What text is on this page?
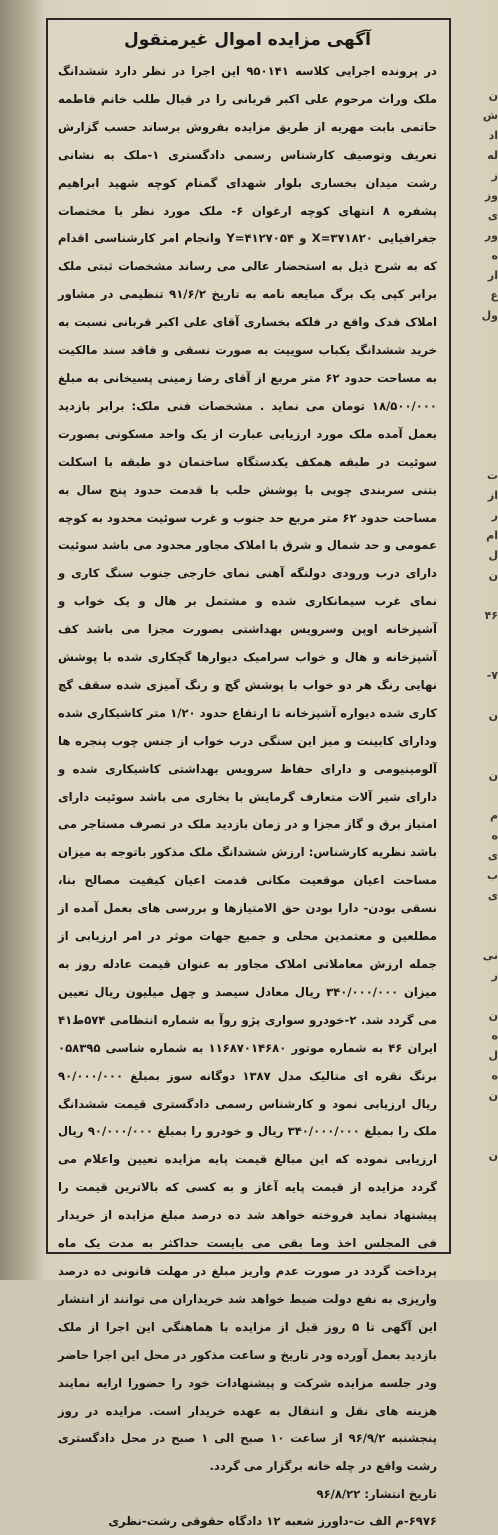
آگهی مزایده اموال غیرمنقول

در پرونده اجرایی کلاسه ۹۵۰۱۴۱ این اجرا در نظر دارد ششدانگ ملک وراث مرحوم علی اکبر قربانی را در قبال طلب خانم فاطمه حاتمی بابت مهریه از طریق مزایده بفروش برساند حسب گزارش تعریف وتوصیف کارشناس رسمی دادگستری ۱-ملک به نشانی رشت میدان بخساری بلوار شهدای گمنام کوچه شهید ابراهیم پشفره ۸ انتهای کوچه ارغوان ۶- ملک مورد نظر با مختصات جغرافیایی ۳۷۱۸۲۰=X و ۴۱۲۷۰۵۴=Y وانجام امر کارشناسی اقدام که به شرح ذیل به استحضار عالی می رساند مشخصات ثبتی ملک برابر کپی یک برگ مبایعه نامه به تاریخ ۹۱/۶/۲ تنظیمی در مشاور املاک فدک واقع در فلکه بخساری آقای علی اکبر قربانی نسبت به خرید ششدانگ یکباب سوییت به صورت نسقی و فاقد سند مالکیت به مساحت حدود ۶۲ متر مربع از آقای رضا زمینی پسیخانی به مبلغ ۱۸/۵۰۰/۰۰۰ تومان می نماید . مشخصات فنی ملک: برابر بازدید بعمل آمده ملک مورد ارزیابی عبارت از یک واحد مسکونی بصورت سوئیت در طبقه همکف یکدستگاه ساختمان دو طبقه با اسکلت بتنی سربندی چوبی با پوشش حلب با قدمت حدود پنج سال به مساحت حدود ۶۲ متر مربع حد جنوب و غرب سوئیت محدود به کوچه عمومی و حد شمال و شرق با املاک مجاور محدود می باشد سوئیت دارای درب ورودی دولنگه آهنی نمای خارجی جنوب سنگ کاری و نمای غرب سیمانکاری شده و مشتمل بر هال و یک خواب و آشپزخانه اوپن وسرویس بهداشتی بصورت مجزا می باشد کف آشپزخانه و هال و خواب سرامیک دیوارها گچکاری شده با پوشش نهایی رنگ هر دو خواب با پوشش گچ و رنگ آمیزی شده سقف گچ کاری شده دیواره آشپزخانه تا ارتفاع حدود ۱/۲۰ متر کاشیکاری شده ودارای کابینت و میز این سنگی درب خواب از جنس چوب پنجره ها آلومینیومی و دارای حفاظ سرویس بهداشتی کاشیکاری شده و دارای شیر آلات متعارف گرمایش با بخاری می باشد سوئیت دارای امتیاز برق و گاز مجزا و در زمان بازدید ملک در تصرف مستاجر می باشد نظریه کارشناس: ارزش ششدانگ ملک مذکور باتوجه به میزان مساحت اعیان موقعیت مکانی قدمت اعیان کیفیت مصالح بنا، نسقی بودن- دارا بودن حق الامتیازها و بررسی های بعمل آمده از مطلعین و معتمدین محلی و جمیع جهات موثر در امر ارزیابی از جمله ارزش معاملاتی املاک مجاور به عنوان قیمت عادله روز به میزان ۳۴۰/۰۰۰/۰۰۰ ریال معادل سیصد و چهل میلیون ریال تعیین می گردد شد. ۲-خودرو سواری پژو روآ به شماره انتظامی ۵۷۴ط۴۱ ایران ۴۶ به شماره موتور ۱۱۶۸۷۰۱۴۶۸۰ به شماره شاسی ۰۵۸۳۹۵ برنگ نقره ای متالیک مدل ۱۳۸۷ دوگانه سوز بمبلغ ۹۰/۰۰۰/۰۰۰ ریال ارزیابی نمود و کارشناس رسمی دادگستری قیمت ششدانگ ملک را بمبلغ ۳۴۰/۰۰۰/۰۰۰ ریال و خودرو را بمبلغ ۹۰/۰۰۰/۰۰۰ ریال ارزیابی نموده که این مبالغ قیمت پایه مزایده تعیین واعلام می گردد مزایده از قیمت پایه آغاز و به کسی که بالاترین قیمت را پیشنهاد نماید فروخته خواهد شد ده درصد مبلغ مزایده از خریدار فی المجلس اخذ وما بقی می بایست حداکثر به مدت یک ماه پرداخت گردد در صورت عدم واریز مبلغ در مهلت قانونی ده درصد واریزی به نفع دولت ضبط خواهد شد خریداران می توانند از انتشار این آگهی تا ۵ روز قبل از مزایده با هماهنگی این اجرا از ملک بازدید بعمل آورده ودر تاریخ و ساعت مذکور در محل این اجرا حاضر ودر جلسه مزایده شرکت و پیشنهادات خود را حضورا ارایه نمایند هزینه های نقل و انتقال به عهده خریدار است. مزایده در روز پنجشنبه ۹۶/۹/۲ از ساعت ۱۰ صبح الی ۱ صبح در محل دادگستری رشت واقع در چله خانه برگزار می گردد.

تاریخ انتشار: ۹۶/۸/۲۲

۶۹۷۶-م الف ت-داورز شعبه ۱۲ دادگاه حقوقی رشت-نظری

ن
ش
اد
له
ز
وز
ی
ور
ه
ار
ع
ول

ت
از
ر
ام
ل
ن

۴۶

۷-

ن

ن

م
ه
ی
ب
ی

نی
ر

ن
ه
ل
ه
ن

ن
